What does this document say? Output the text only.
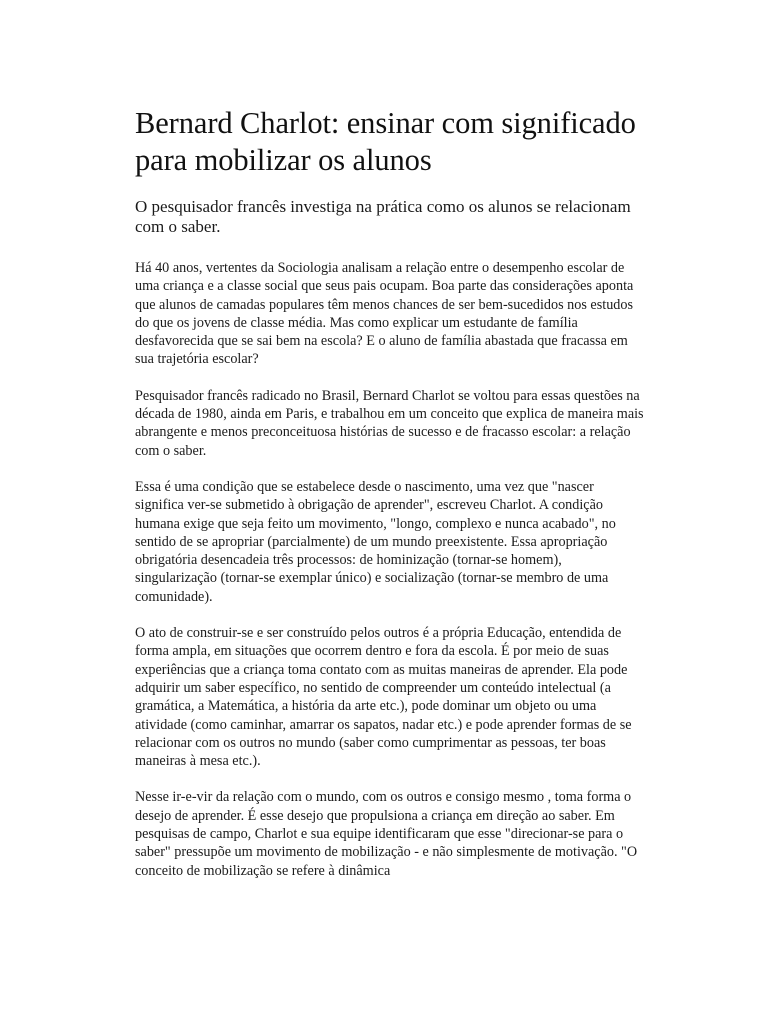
Bernard Charlot: ensinar com significado para mobilizar os alunos

O pesquisador francês investiga na prática como os alunos se relacionam com o saber.

Há 40 anos, vertentes da Sociologia analisam a relação entre o desempenho escolar de uma criança e a classe social que seus pais ocupam. Boa parte das considerações aponta que alunos de camadas populares têm menos chances de ser bem-sucedidos nos estudos do que os jovens de classe média. Mas como explicar um estudante de família desfavorecida que se sai bem na escola? E o aluno de família abastada que fracassa em sua trajetória escolar?

Pesquisador francês radicado no Brasil, Bernard Charlot se voltou para essas questões na década de 1980, ainda em Paris, e trabalhou em um conceito que explica de maneira mais abrangente e menos preconceituosa histórias de sucesso e de fracasso escolar: a relação com o saber.

Essa é uma condição que se estabelece desde o nascimento, uma vez que "nascer significa ver-se submetido à obrigação de aprender", escreveu Charlot. A condição humana exige que seja feito um movimento, "longo, complexo e nunca acabado", no sentido de se apropriar (parcialmente) de um mundo preexistente. Essa apropriação obrigatória desencadeia três processos: de hominização (tornar-se homem), singularização (tornar-se exemplar único) e socialização (tornar-se membro de uma comunidade).

O ato de construir-se e ser construído pelos outros é a própria Educação, entendida de forma ampla, em situações que ocorrem dentro e fora da escola. É por meio de suas experiências que a criança toma contato com as muitas maneiras de aprender. Ela pode adquirir um saber específico, no sentido de compreender um conteúdo intelectual (a gramática, a Matemática, a história da arte etc.), pode dominar um objeto ou uma atividade (como caminhar, amarrar os sapatos, nadar etc.) e pode aprender formas de se relacionar com os outros no mundo (saber como cumprimentar as pessoas, ter boas maneiras à mesa etc.).

Nesse ir-e-vir da relação com o mundo, com os outros e consigo mesmo , toma forma o desejo de aprender. É esse desejo que propulsiona a criança em direção ao saber. Em pesquisas de campo, Charlot e sua equipe identificaram que esse "direcionar-se para o saber" pressupõe um movimento de mobilização - e não simplesmente de motivação. "O conceito de mobilização se refere à dinâmica
